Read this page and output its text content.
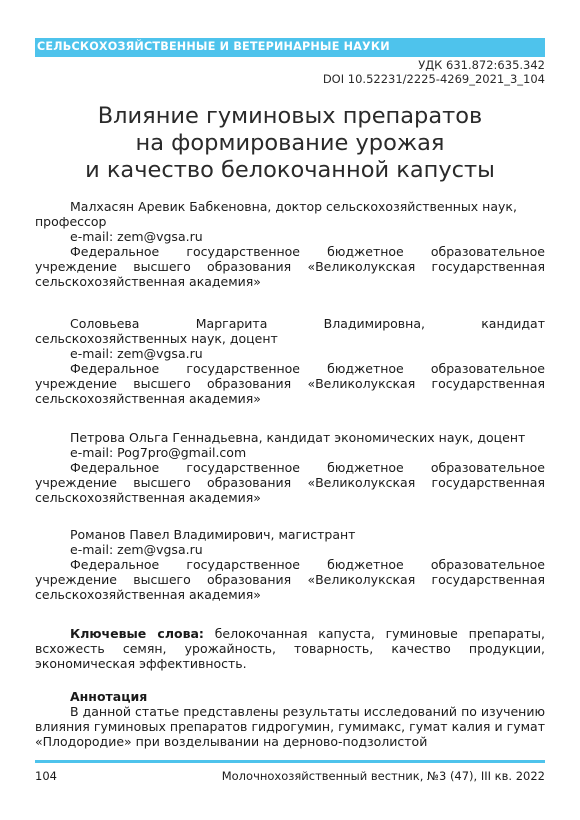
СЕЛЬСКОХОЗЯЙСТВЕННЫЕ И ВЕТЕРИНАРНЫЕ НАУКИ
УДК 631.872:635.342
DOI 10.52231/2225-4269_2021_3_104
Влияние гуминовых препаратов
на формирование урожая
и качество белокочанной капусты
Малхасян Аревик Бабкеновна, доктор сельскохозяйственных наук,
профессор
e-mail: zem@vgsa.ru
Федеральное государственное бюджетное образовательное учреждение высшего образования «Великолукская государственная сельскохозяйственная академия»
Соловьева Маргарита Владимировна, кандидат
сельскохозяйственных наук, доцент
e-mail: zem@vgsa.ru
Федеральное государственное бюджетное образовательное учреждение высшего образования «Великолукская государственная сельскохозяйственная академия»
Петрова Ольга Геннадьевна, кандидат экономических наук, доцент
e-mail: Pog7pro@gmail.com
Федеральное государственное бюджетное образовательное учреждение высшего образования «Великолукская государственная сельскохозяйственная академия»
Романов Павел Владимирович, магистрант
e-mail: zem@vgsa.ru
Федеральное государственное бюджетное образовательное учреждение высшего образования «Великолукская государственная сельскохозяйственная академия»
Ключевые слова: белокочанная капуста, гуминовые препараты, всхожесть семян, урожайность, товарность, качество продукции, экономическая эффективность.
Аннотация
В данной статье представлены результаты исследований по изучению влияния гуминовых препаратов гидрогумин, гумимакс, гумат калия и гумат «Плодородие» при возделывании на дерново-подзолистой
104	Молочнохозяйственный вестник, №3 (47), III кв. 2022
